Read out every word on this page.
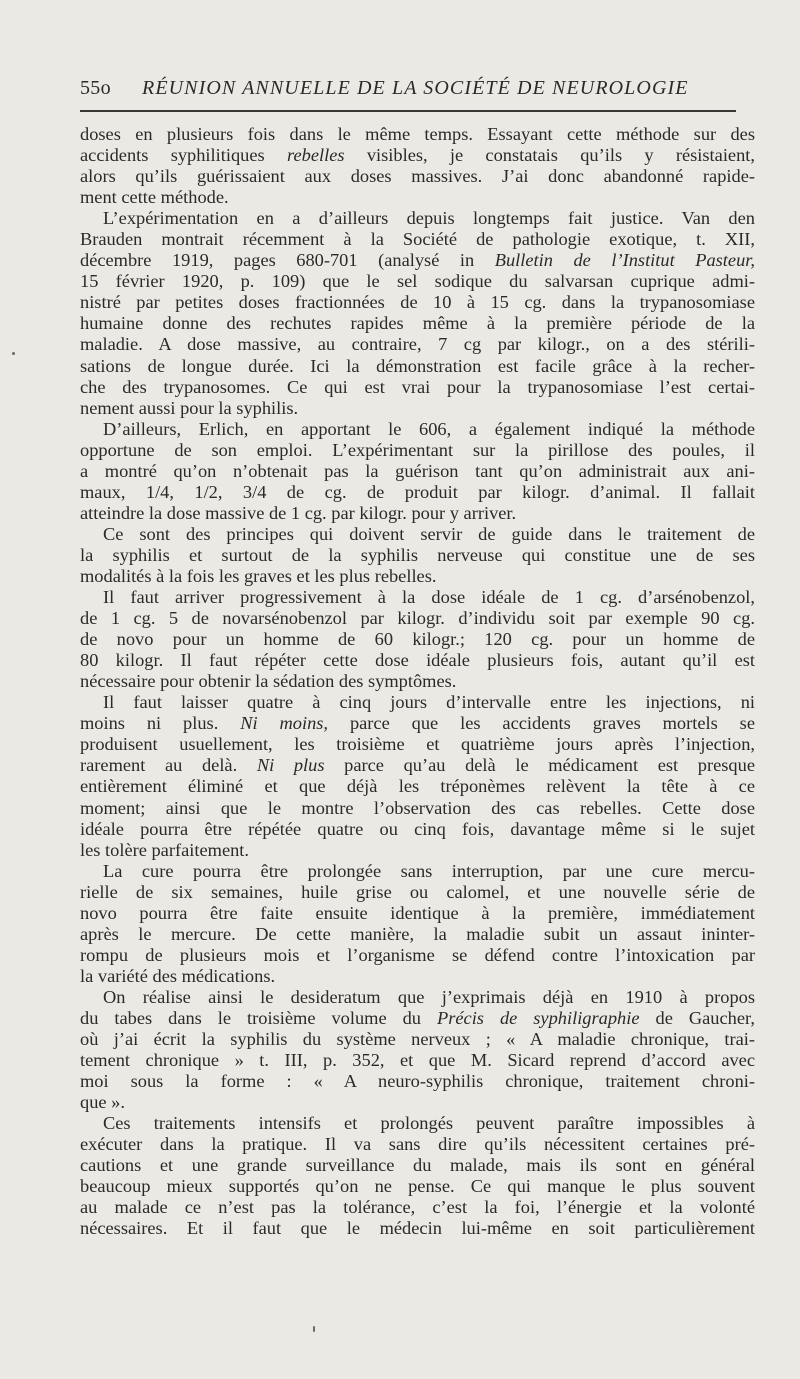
55o RÉUNION ANNUELLE DE LA SOCIÉTÉ DE NEUROLOGIE
doses en plusieurs fois dans le même temps. Essayant cette méthode sur des
accidents syphilitiques rebelles visibles, je constatais qu’ils y résistaient,
alors qu’ils guérissaient aux doses massives. J’ai donc abandonné rapide-
ment cette méthode.
L’expérimentation en a d’ailleurs depuis longtemps fait justice. Van den
Brauden montrait récemment à la Société de pathologie exotique, t. XII,
décembre 1919, pages 680-701 (analysé in Bulletin de l’Institut Pasteur,
15 février 1920, p. 109) que le sel sodique du salvarsan cuprique admi-
nistré par petites doses fractionnées de 10 à 15 cg. dans la trypanosomiase
humaine donne des rechutes rapides même à la première période de la
maladie. A dose massive, au contraire, 7 cg par kilogr., on a des stérili-
sations de longue durée. Ici la démonstration est facile grâce à la recher-
che des trypanosomes. Ce qui est vrai pour la trypanosomiase l’est certai-
nement aussi pour la syphilis.
D’ailleurs, Erlich, en apportant le 606, a également indiqué la méthode
opportune de son emploi. L’expérimentant sur la pirillose des poules, il
a montré qu’on n’obtenait pas la guérison tant qu’on administrait aux ani-
maux, 1/4, 1/2, 3/4 de cg. de produit par kilogr. d’animal. Il fallait
atteindre la dose massive de 1 cg. par kilogr. pour y arriver.
Ce sont des principes qui doivent servir de guide dans le traitement de
la syphilis et surtout de la syphilis nerveuse qui constitue une de ses
modalités à la fois les graves et les plus rebelles.
Il faut arriver progressivement à la dose idéale de 1 cg. d’arsénobenzol,
de 1 cg. 5 de novarsénobenzol par kilogr. d’individu soit par exemple 90 cg.
de novo pour un homme de 60 kilogr.; 120 cg. pour un homme de
80 kilogr. Il faut répéter cette dose idéale plusieurs fois, autant qu’il est
nécessaire pour obtenir la sédation des symptômes.
Il faut laisser quatre à cinq jours d’intervalle entre les injections, ni
moins ni plus. Ni moins, parce que les accidents graves mortels se
produisent usuellement, les troisième et quatrième jours après l’injection,
rarement au delà. Ni plus parce qu’au delà le médicament est presque
entièrement éliminé et que déjà les tréponèmes relèvent la tête à ce
moment; ainsi que le montre l’observation des cas rebelles. Cette dose
idéale pourra être répétée quatre ou cinq fois, davantage même si le sujet
les tolère parfaitement.
La cure pourra être prolongée sans interruption, par une cure mercu-
rielle de six semaines, huile grise ou calomel, et une nouvelle série de
novo pourra être faite ensuite identique à la première, immédiatement
après le mercure. De cette manière, la maladie subit un assaut ininter-
rompu de plusieurs mois et l’organisme se défend contre l’intoxication par
la variété des médications.
On réalise ainsi le desideratum que j’exprimais déjà en 1910 à propos
du tabes dans le troisième volume du Précis de syphiligraphie de Gaucher,
où j’ai écrit la syphilis du système nerveux ; « A maladie chronique, trai-
tement chronique » t. III, p. 352, et que M. Sicard reprend d’accord avec
moi sous la forme : « A neuro-syphilis chronique, traitement chroni-
que ».
Ces traitements intensifs et prolongés peuvent paraître impossibles à
exécuter dans la pratique. Il va sans dire qu’ils nécessitent certaines pré-
cautions et une grande surveillance du malade, mais ils sont en général
beaucoup mieux supportés qu’on ne pense. Ce qui manque le plus souvent
au malade ce n’est pas la tolérance, c’est la foi, l’énergie et la volonté
nécessaires. Et il faut que le médecin lui-même en soit particulièrement
